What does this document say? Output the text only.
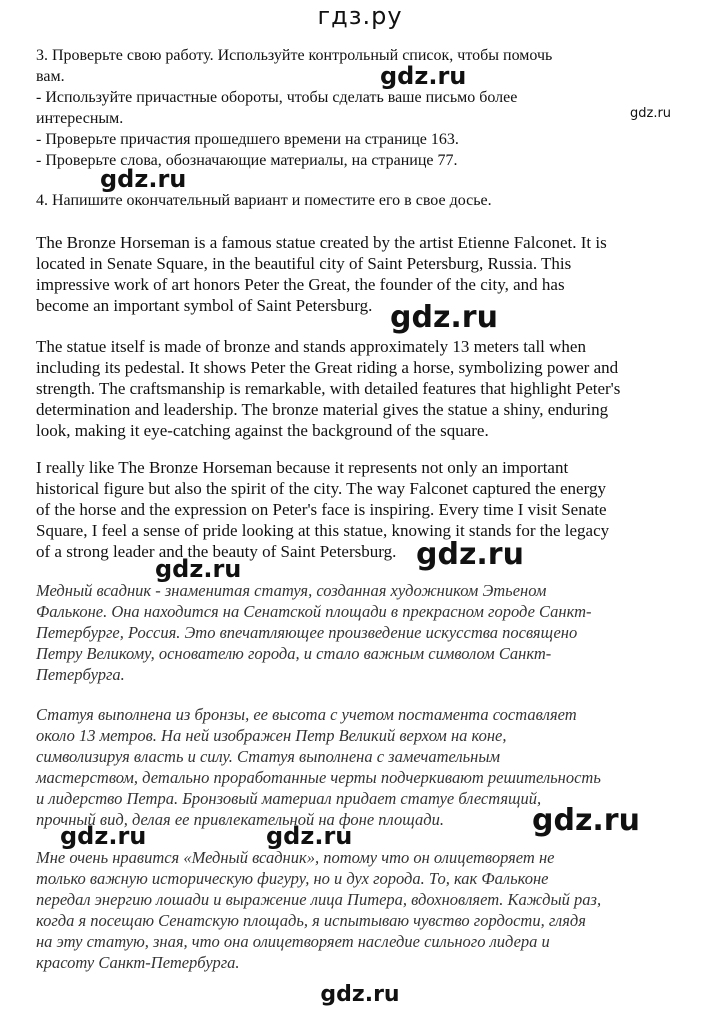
гдз.ру
3. Проверьте свою работу. Используйте контрольный список, чтобы помочь
вам.
- Используйте причастные обороты, чтобы сделать ваше письмо более
интересным.
- Проверьте причастия прошедшего времени на странице 163.
- Проверьте слова, обозначающие материалы, на странице 77.
4. Напишите окончательный вариант и поместите его в свое досье.
The Bronze Horseman is a famous statue created by the artist Etienne Falconet. It is
located in Senate Square, in the beautiful city of Saint Petersburg, Russia. This
impressive work of art honors Peter the Great, the founder of the city, and has
become an important symbol of Saint Petersburg.
The statue itself is made of bronze and stands approximately 13 meters tall when
including its pedestal. It shows Peter the Great riding a horse, symbolizing power and
strength. The craftsmanship is remarkable, with detailed features that highlight Peter's
determination and leadership. The bronze material gives the statue a shiny, enduring
look, making it eye-catching against the background of the square.
I really like The Bronze Horseman because it represents not only an important
historical figure but also the spirit of the city. The way Falconet captured the energy
of the horse and the expression on Peter's face is inspiring. Every time I visit Senate
Square, I feel a sense of pride looking at this statue, knowing it stands for the legacy
of a strong leader and the beauty of Saint Petersburg.
Медный всадник - знаменитая статуя, созданная художником Этьеном
Фальконе. Она находится на Сенатской площади в прекрасном городе Санкт-
Петербурге, Россия. Это впечатляющее произведение искусства посвящено
Петру Великому, основателю города, и стало важным символом Санкт-
Петербурга.
Статуя выполнена из бронзы, ее высота с учетом постамента составляет
около 13 метров. На ней изображен Петр Великий верхом на коне,
символизируя власть и силу. Статуя выполнена с замечательным
мастерством, детально проработанные черты подчеркивают решительность
и лидерство Петра. Бронзовый материал придает статуе блестящий,
прочный вид, делая ее привлекательной на фоне площади.
Мне очень нравится «Медный всадник», потому что он олицетворяет не
только важную историческую фигуру, но и дух города. То, как Фальконе
передал энергию лошади и выражение лица Питера, вдохновляет. Каждый раз,
когда я посещаю Сенатскую площадь, я испытываю чувство гордости, глядя
на эту статую, зная, что она олицетворяет наследие сильного лидера и
красоту Санкт-Петербурга.
gdz.ru
gdz.ru
gdz.ru
gdz.ru
gdz.ru
gdz.ru
gdz.ru
gdz.ru	gdz.ru
gdz.ru
